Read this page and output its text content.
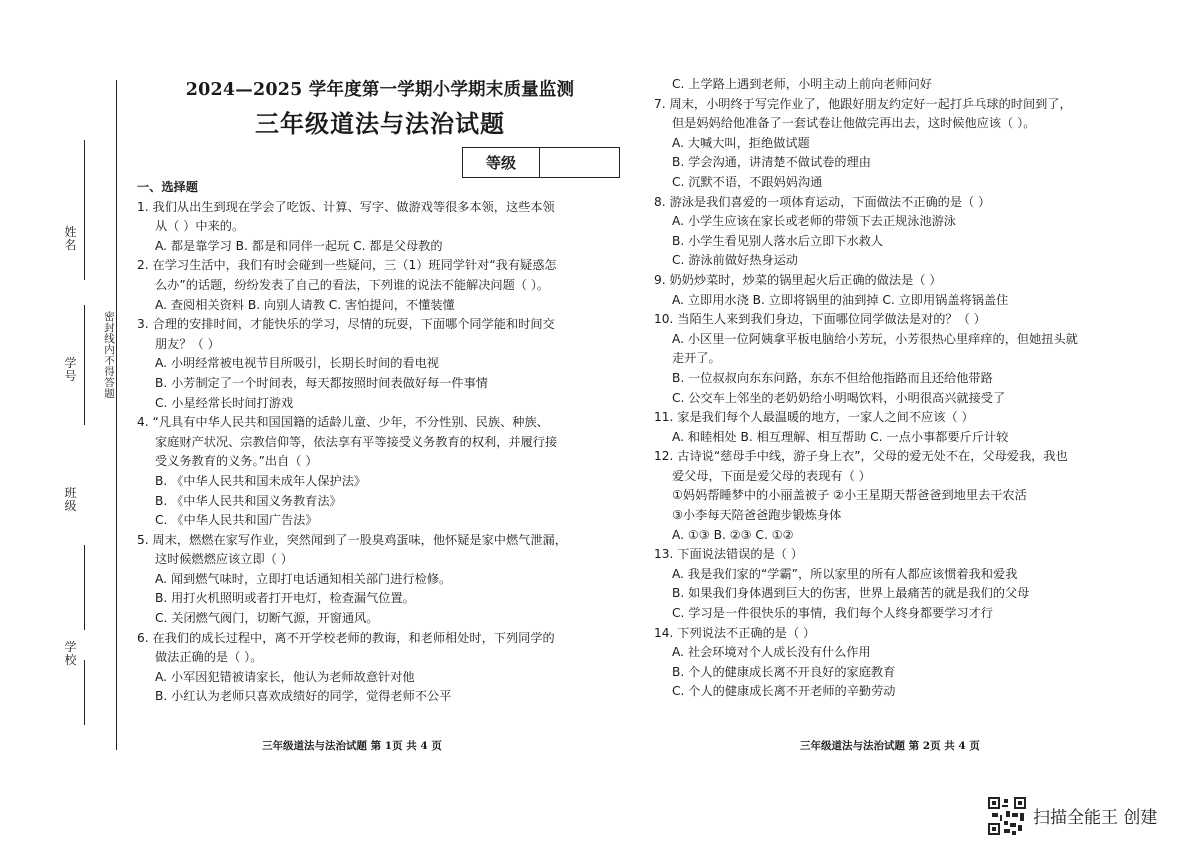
姓名
学号
班级
学校
密 封 线 内 不 得 答 题
2024—2025 学年度第一学期小学期末质量监测
三年级道法与法治试题
等级
一、选择题
1. 我们从出生到现在学会了吃饭、计算、写字、做游戏等很多本领，这些本领
从（ ）中来的。
A. 都是靠学习 B. 都是和同伴一起玩 C. 都是父母教的
2. 在学习生活中，我们有时会碰到一些疑问，三（1）班同学针对“我有疑惑怎
么办”的话题，纷纷发表了自己的看法，下列谁的说法不能解决问题（ ）。
A. 查阅相关资料 B. 向别人请教 C. 害怕提问，不懂装懂
3. 合理的安排时间，才能快乐的学习，尽情的玩耍，下面哪个同学能和时间交
朋友？（ ）
A. 小明经常被电视节目所吸引，长期长时间的看电视
B. 小芳制定了一个时间表，每天都按照时间表做好每一件事情
C. 小星经常长时间打游戏
4. “凡具有中华人民共和国国籍的适龄儿童、少年，不分性别、民族、种族、
家庭财产状况、宗教信仰等，依法享有平等接受义务教育的权利，并履行接
受义务教育的义务。”出自（ ）
B. 《中华人民共和国未成年人保护法》
B. 《中华人民共和国义务教育法》
C. 《中华人民共和国广告法》
5. 周末，燃燃在家写作业，突然闻到了一股臭鸡蛋味，他怀疑是家中燃气泄漏，
这时候燃燃应该立即（ ）
A. 闻到燃气味时，立即打电话通知相关部门进行检修。
B. 用打火机照明或者打开电灯，检查漏气位置。
C. 关闭燃气阀门，切断气源，开窗通风。
6. 在我们的成长过程中，离不开学校老师的教诲，和老师相处时，下列同学的
做法正确的是（ ）。
A. 小军因犯错被请家长，他认为老师故意针对他
B. 小红认为老师只喜欢成绩好的同学，觉得老师不公平
C. 上学路上遇到老师，小明主动上前向老师问好
7. 周末，小明终于写完作业了，他跟好朋友约定好一起打乒乓球的时间到了，
但是妈妈给他准备了一套试卷让他做完再出去，这时候他应该（ ）。
A. 大喊大叫，拒绝做试题
B. 学会沟通，讲清楚不做试卷的理由
C. 沉默不语，不跟妈妈沟通
8. 游泳是我们喜爱的一项体育运动，下面做法不正确的是（ ）
A. 小学生应该在家长或老师的带领下去正规泳池游泳
B. 小学生看见别人落水后立即下水救人
C. 游泳前做好热身运动
9. 奶奶炒菜时，炒菜的锅里起火后正确的做法是（ ）
A. 立即用水浇 B. 立即将锅里的油到掉 C. 立即用锅盖将锅盖住
10. 当陌生人来到我们身边，下面哪位同学做法是对的？（ ）
A. 小区里一位阿姨拿平板电脑给小芳玩，小芳很热心里痒痒的，但她扭头就
走开了。
B. 一位叔叔向东东问路，东东不但给他指路而且还给他带路
C. 公交车上邻坐的老奶奶给小明喝饮料，小明很高兴就接受了
11. 家是我们每个人最温暖的地方，一家人之间不应该（ ）
A. 和睦相处 B. 相互理解、相互帮助 C. 一点小事都要斤斤计较
12. 古诗说“慈母手中线，游子身上衣”，父母的爱无处不在，父母爱我，我也
爱父母，下面是爱父母的表现有（ ）
①妈妈帮睡梦中的小丽盖被子 ②小王星期天帮爸爸到地里去干农活
③小李每天陪爸爸跑步锻炼身体
A. ①③ B. ②③ C. ①②
13. 下面说法错误的是（ ）
A. 我是我们家的“学霸”，所以家里的所有人都应该惯着我和爱我
B. 如果我们身体遇到巨大的伤害，世界上最痛苦的就是我们的父母
C. 学习是一件很快乐的事情，我们每个人终身都要学习才行
14. 下列说法不正确的是（ ）
A. 社会环境对个人成长没有什么作用
B. 个人的健康成长离不开良好的家庭教育
C. 个人的健康成长离不开老师的辛勤劳动
三年级道法与法治试题 第 1页 共 4 页	三年级道法与法治试题 第 2页 共 4 页
扫描全能王 创建
